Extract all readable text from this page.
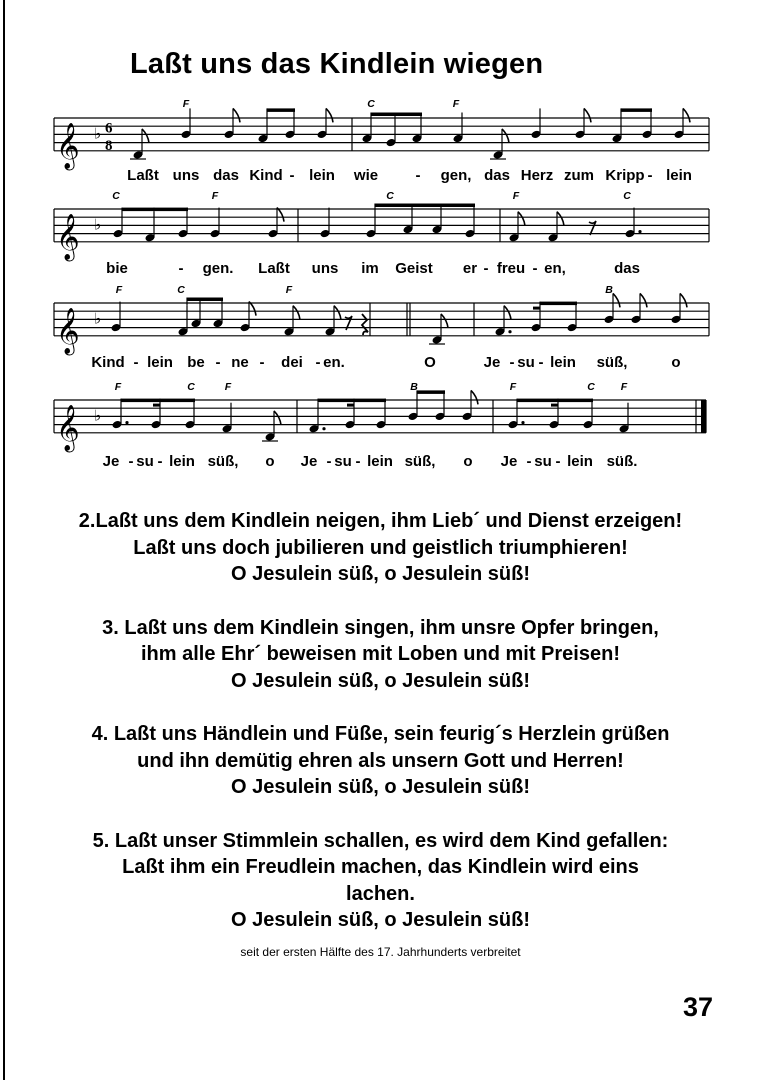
Laßt uns das Kindlein wiegen
𝄞 ♭ 6
8
F	C	F
Laßt uns das Kind - lein wie - gen, das Herz zum Kripp - lein
𝄞 ♭
C	F	C	F	C
bie	- gen. Laßt uns im Geist er - freu - en,	das
𝄞 ♭
F	C	F	B
Kind - lein be - ne - dei - en.	O	Je - su - lein süß,	o
𝄞 ♭
F	C	F	B	F	C F
Je - su - lein süß, o Je - su - lein süß, o Je - su - lein süß.
2.Laßt uns dem Kindlein neigen, ihm Lieb´ und Dienst erzeigen!
Laßt uns doch jubilieren und geistlich triumphieren!
O Jesulein süß, o Jesulein süß!
3. Laßt uns dem Kindlein singen, ihm unsre Opfer bringen,
ihm alle Ehr´ beweisen mit Loben und mit Preisen!
O Jesulein süß, o Jesulein süß!
4. Laßt uns Händlein und Füße, sein feurig´s Herzlein grüßen
und ihn demütig ehren als unsern Gott und Herren!
O Jesulein süß, o Jesulein süß!
5. Laßt unser Stimmlein schallen, es wird dem Kind gefallen:
Laßt ihm ein Freudlein machen, das Kindlein wird eins
lachen.
O Jesulein süß, o Jesulein süß!
seit der ersten Hälfte des 17. Jahrhunderts verbreitet
37
